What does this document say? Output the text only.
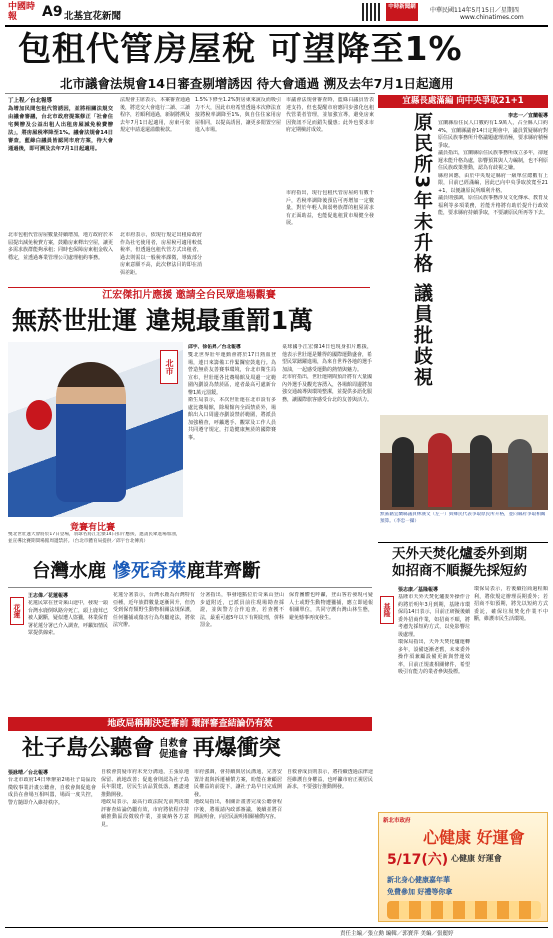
中國時報	A9 北基宜花新聞
中時新聞網	中華民國114年5月15日／星期四
www.chinatimes.com
包租代管房屋稅 可望降至1%
北市議會法規會14日審查剔增誘因 待大會通過 溯及去年7月1日起適用
丁上程／台北報導
為增加民間包租代管誘因，並將相關法規交由議會審議，台北市政府提案修正「社會住宅興辦及公益出租人出租房屋減免稅費辦法」，將房屋稅率降至1%。議會法規會14日審查，藍綠白議員皆認同市府方案，待大會通過後，即可溯及去年7月1日起適用。
北市包租代管房屋數量持續增加，地方政府於本屆提出減免稅費方案，鼓勵房東釋出空屋，讓更多需求族群能夠承租；同時也保障房東租金收入穩定，並透過專業管理公司處理租約事務。
北市府表示，依現行規定出租給政府作為社宅使用者，房屋稅可適用較低稅率，但透過包租代管方式出租者，過去則需以一般稅率課徵，導致部分房東意願不高，此次修法目的即在消弭差距。
1.5%下修至1.2%對房東來說反而吸引力不大，因此市府希望透過本次修法直接將稅率調降至1%，與自住住家用房屋相同，以提高誘因，讓更多閒置空屋進入市場。
市議會法規會審查時，藍綠白議員皆表達支持，但也提醒市府應同步強化包租代管業者管理，並加強宣導，避免房東因資訊不足而錯失優惠；此外也要求市府定期檢討成效。
市府指出，現行包租代管房屋約有數千戶，若稅率調降後預估可再增加一定數量，對於年輕人與弱勢族群的租屋需求有正面助益，也能促進租賃市場健全發展。
法規會主席表示，本案審查通過後，將送交大會進行二讀、三讀程序，若順利通過，新制將溯及去年7月1日起適用，房東可依規定申請退還溢繳稅款。
江宏傑扣片應援 邀請全台民眾進場觀賽
無菸世壯運 違規最重罰1萬
北市
竟賽有比賽
雙北世壯運大會將於17日登場，羽球名將江宏傑14日扣片應援，邀請民眾進場加油，並宣導比賽期間場館周邊禁菸。（台北市體育局提供／邱宇台北傳真）
邱宇、徐佑昇／台北報導
雙北世界壯年運動會將於17日熱血登場，連日來籌備工作緊鑼密鼓進行。為營造無菸友善賽事環境，台北市衛生局宣布，世壯運各比賽場館及周邊一定範圍內劃設為禁菸區，違者最高可處新台幣1萬元罰鍰。
衛生局表示，本次世壯運在北市設有多處比賽場館，除場館內全面禁菸外，場館出入口周邊亦劃設禁菸範圍，將派員加強稽查，呼籲選手、觀眾及工作人員共同遵守規定，打造健康無菸的國際賽事。
桌球國手江宏傑14日也現身扣片應援，他表示世壯運是難得的國際運動盛會，希望民眾踴躍進場，為來自世界各地的選手加油，一起感受運動的熱情與魅力。
北市府指出，世壯運期間預計將有大量國內外選手及觀光客湧入，各場館周邊將加強交通疏導與環境整潔，並提供多語化服務，讓國際旅客感受台北的友善與活力。
宜縣長處滿編 向中央爭取21+1
原民所3年未升格 議員批歧視	李忠一／宜蘭報導
宜蘭縣原住民人口數約有1.9萬人，占全縣人口約4%，宜蘭縣議會14日定期會中，議員質疑縣府對原住民族事務所升格議題處理消極，要求縣府積極爭取。
議員指出，宜蘭縣原住民族事務所成立多年，卻遲遲未能升格為處，影響預算與人力編制，也不利原住民族政策推動，認為有歧視之嫌。
縣府回應，由於中央規定縣府一級單位總數有上限，目前已經滿編，因此已向中央爭取放寬至21+1，以便讓原民所順利升格。
議員則強調，原住民族事務涉及文化傳承、教育及福利等多項業務，若能升格將有助於提升行政效能，要求縣府持續爭取，不要讓原民所再等下去。
無黨籍宜蘭縣議員林漢文（左一）與鄉民代表爭取原民所升格，並向縣府爭取相關預算。（李忠一攝）
天外天焚化爐委外到期
如招商不順擬先採短約
基隆
張志康／基隆報導
基隆市天外天焚化爐委外操作合約將於明年3月到期，基隆市環保局14日表示，目前正研擬後續委外招商作業，如招商不順，將考慮先採短約方式，以免影響垃圾處理。
環保局指出，天外天焚化爐運轉多年，設備逐漸老舊，未來委外操作須兼顧設備更新與營運效率，目前正規畫相關條件，希望吸引有能力的業者參與投標。
環保局表示，若後續招商過程順利，將依規定辦理長期委外；若招商不如預期，將先以短約方式委託，確保垃圾焚化作業不中斷，維護市民生活環境。
台灣水鹿 慘死奇萊鹿茸齊斷
花蓮
王志偉／花蓮報導
花蓮民眾在登奇萊山途中，發現一頭台灣水鹿倒臥路旁死亡，頭上鹿茸已被人鋸斷，疑似遭人盜獵，林業保育署花蓮分署已介入調查，呼籲知情民眾提供線索。
花蓮分署表示，台灣水鹿為台灣特有亞種，近年族群數量逐漸回升，但仍受到保育類野生動物相關法規保護，任何獵捕或傷害行為均屬違法，將依法究辦。
分署指出，事發地點位於奇萊山登山步道附近，已派員前往現場勘查採證，並與警方合作追查，若查獲不法，最重可處5年以下有期徒刑，併科罰金。
保育團體也呼籲，登山客若發現可疑人士或野生動物遭獵捕，應立即通報相關單位，共同守護台灣山林生態，避免憾事再度發生。
地政局稱剛決定審前 環評審查結論仍有效
社子島公聽會 自救會
促進會 再爆衝突
張詠晴／台北報導
台北市政府14日舉辦第2場社子島區段徵收事業計畫公聽會，自救會與促進會成員在會場互相叫囂，場面一度失控，警方隨即介入維持秩序。
自救會質疑市府未充分溝通，主張原地保留、就地改善；促進會則認為社子島長年限建，居民生活品質低落，應盡速推動開發。
地政局表示，最高行政法院先前判決環評審查結論仍屬有效，市府將依程序持續推動區段徵收作業，並廣納各方意見。
市府強調，會持續與居民溝通，完善安置計畫與拆遷補償方案，盼能在兼顧居民權益的前提下，讓社子島早日完成開發。
地政局指出，相關計畫書完成公聽會程序後，將報請內政部審議，後續並將召開說明會，向居民說明相關補償內容。
自救會成員則表示，將持續透過法律途徑維護自身權益，也呼籲市府正視居民訴求，不要強行推動開發。
新北市政府
心健康 好運會
5/17(六) 心健康 好運會
新北身心健康嘉年華
免費參加 好禮等你拿
責任主編／張立勳 編輯／郭寶萍 美編／張麗婷
